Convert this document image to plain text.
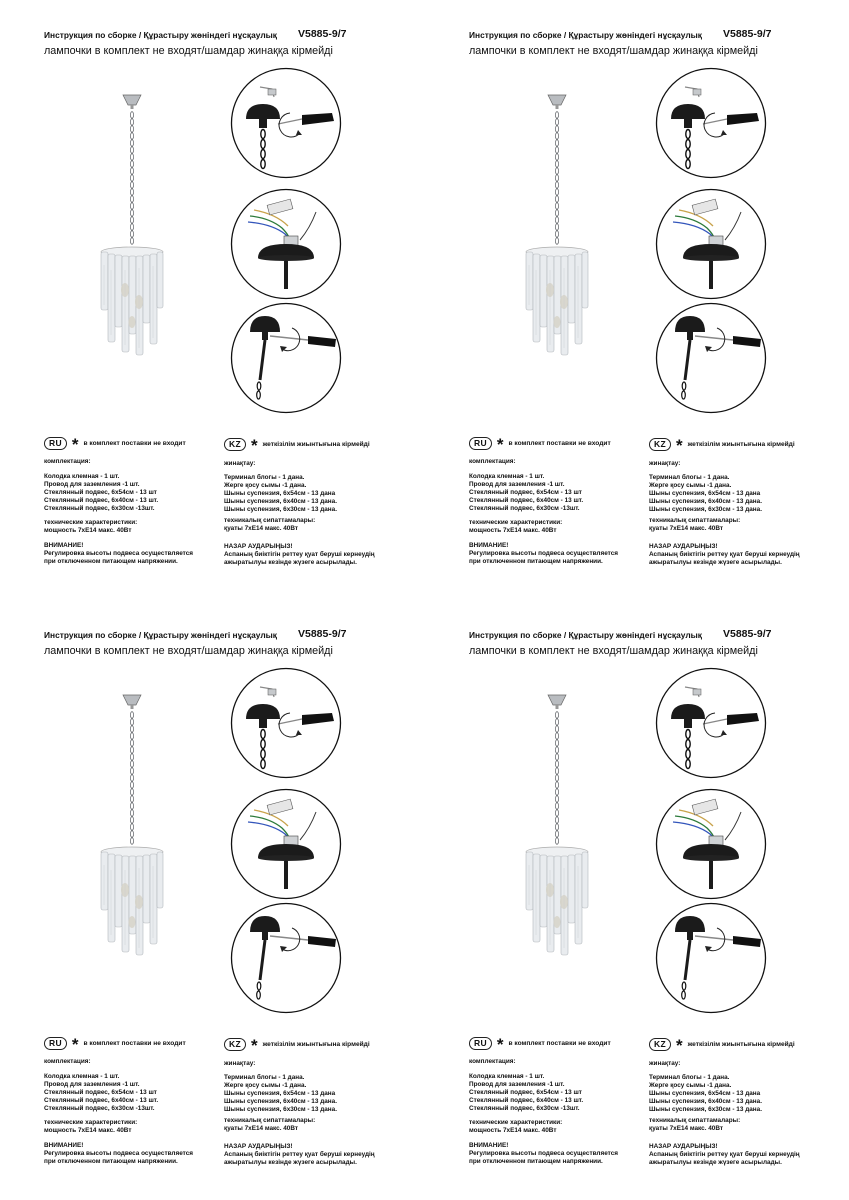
Инструкция по сборке / Құрастыру жөніндегі нұсқаулық V5885-9/7
лампочки в комплект не входят/шамдар жинаққа кірмейді
RU * в комплект поставки не входит	KZ * жеткізілім жиынтығына кірмейді
комплектация:
Колодка клемная - 1 шт.
Провод для заземления -1 шт.
Стеклянный подвес, 6х54см - 13 шт
Стеклянный подвес, 6х40см - 13 шт.
Стеклянный подвес, 6х30см -13шт.
технические характеристики:
мощность 7хЕ14 макс. 40Вт
ВНИМАНИЕ!
Регулировка высоты подвеса осуществляется
при отключенном питающем напряжении.
жинақтау:
Терминал блогы - 1 дана.
Жерге қосу сымы -1 дана.
Шыны суспензия, 6х54см - 13 дана
Шыны суспензия, 6х40см - 13 дана.
Шыны суспензия, 6х30см - 13 дана.
техникалық сипаттамалары:
қуаты 7хЕ14 макс. 40Вт
НАЗАР АУДАРЫҢЫЗ!
Аспаның биіктігін реттеу қуат беруші кернеудің
ажыратылуы кезінде жүзеге асырылады.
Инструкция по сборке / Құрастыру жөніндегі нұсқаулық V5885-9/7
лампочки в комплект не входят/шамдар жинаққа кірмейді
RU * в комплект поставки не входит	KZ * жеткізілім жиынтығына кірмейді
комплектация:
Колодка клемная - 1 шт.
Провод для заземления -1 шт.
Стеклянный подвес, 6х54см - 13 шт
Стеклянный подвес, 6х40см - 13 шт.
Стеклянный подвес, 6х30см -13шт.
технические характеристики:
мощность 7хЕ14 макс. 40Вт
ВНИМАНИЕ!
Регулировка высоты подвеса осуществляется
при отключенном питающем напряжении.
жинақтау:
Терминал блогы - 1 дана.
Жерге қосу сымы -1 дана.
Шыны суспензия, 6х54см - 13 дана
Шыны суспензия, 6х40см - 13 дана.
Шыны суспензия, 6х30см - 13 дана.
техникалық сипаттамалары:
қуаты 7хЕ14 макс. 40Вт
НАЗАР АУДАРЫҢЫЗ!
Аспаның биіктігін реттеу қуат беруші кернеудің
ажыратылуы кезінде жүзеге асырылады.
Инструкция по сборке / Құрастыру жөніндегі нұсқаулық V5885-9/7
лампочки в комплект не входят/шамдар жинаққа кірмейді
RU * в комплект поставки не входит	KZ * жеткізілім жиынтығына кірмейді
комплектация:
Колодка клемная - 1 шт.
Провод для заземления -1 шт.
Стеклянный подвес, 6х54см - 13 шт
Стеклянный подвес, 6х40см - 13 шт.
Стеклянный подвес, 6х30см -13шт.
технические характеристики:
мощность 7хЕ14 макс. 40Вт
ВНИМАНИЕ!
Регулировка высоты подвеса осуществляется
при отключенном питающем напряжении.
жинақтау:
Терминал блогы - 1 дана.
Жерге қосу сымы -1 дана.
Шыны суспензия, 6х54см - 13 дана
Шыны суспензия, 6х40см - 13 дана.
Шыны суспензия, 6х30см - 13 дана.
техникалық сипаттамалары:
қуаты 7хЕ14 макс. 40Вт
НАЗАР АУДАРЫҢЫЗ!
Аспаның биіктігін реттеу қуат беруші кернеудің
ажыратылуы кезінде жүзеге асырылады.
Инструкция по сборке / Құрастыру жөніндегі нұсқаулық V5885-9/7
лампочки в комплект не входят/шамдар жинаққа кірмейді
RU * в комплект поставки не входит	KZ * жеткізілім жиынтығына кірмейді
комплектация:
Колодка клемная - 1 шт.
Провод для заземления -1 шт.
Стеклянный подвес, 6х54см - 13 шт
Стеклянный подвес, 6х40см - 13 шт.
Стеклянный подвес, 6х30см -13шт.
технические характеристики:
мощность 7хЕ14 макс. 40Вт
ВНИМАНИЕ!
Регулировка высоты подвеса осуществляется
при отключенном питающем напряжении.
жинақтау:
Терминал блогы - 1 дана.
Жерге қосу сымы -1 дана.
Шыны суспензия, 6х54см - 13 дана
Шыны суспензия, 6х40см - 13 дана.
Шыны суспензия, 6х30см - 13 дана.
техникалық сипаттамалары:
қуаты 7хЕ14 макс. 40Вт
НАЗАР АУДАРЫҢЫЗ!
Аспаның биіктігін реттеу қуат беруші кернеудің
ажыратылуы кезінде жүзеге асырылады.
